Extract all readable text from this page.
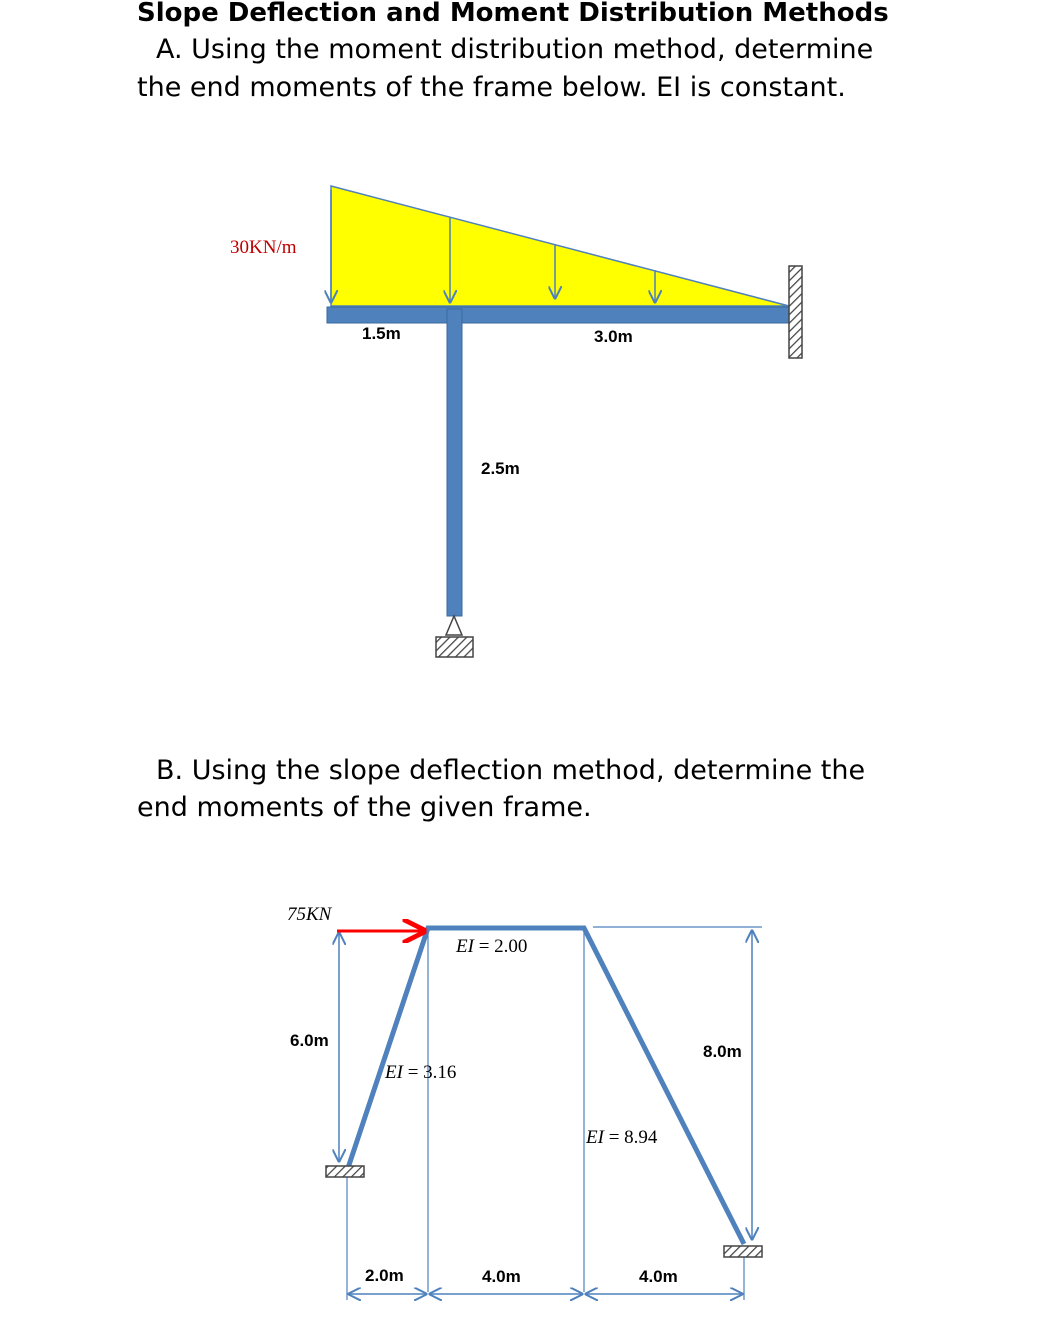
Slope Deflection and Moment Distribution Methods
A. Using the moment distribution method, determine
the end moments of the frame below. EI is constant.
30KN/m
1.5m	3.0m
2.5m
75KN
EI = 2.00
EI = 3.16
EI = 8.94
6.0m
8.0m
2.0m	4.0m	4.0m
B. Using the slope deflection method, determine the
end moments of the given frame.
